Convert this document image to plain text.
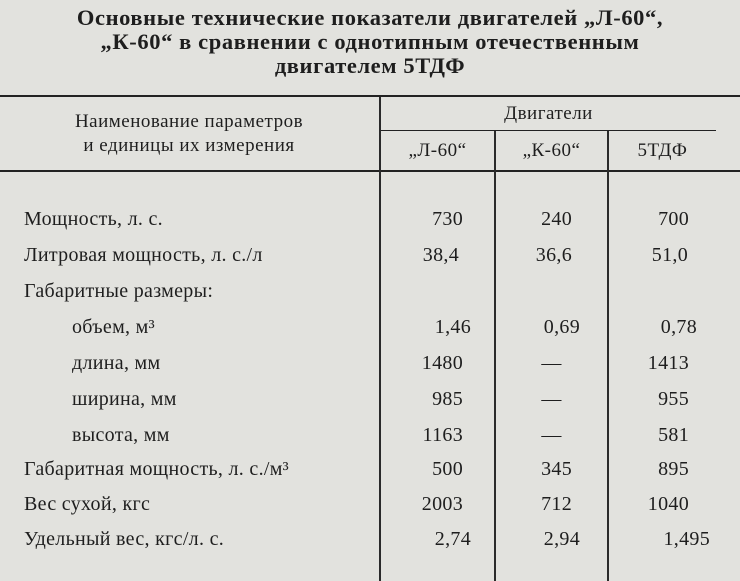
Основные технические показатели двигателей „Л-60“,
„К-60“ в сравнении с однотипным отечественным
двигателем 5ТДФ
Наименование параметров
и единицы их измерения
Двигатели
„Л-60“	„К-60“	5ТДФ
Мощность, л. с.	730	240	700
Литровая мощность, л. с./л	38,4	36,6	51,0
Габаритные размеры:
объем, м³	1,46	0,69	0,78
длина, мм	1480	—	1413
ширина, мм	985	—	955
высота, мм	1163	—	581
Габаритная мощность, л. с./м³	500	345	895
Вес сухой, кгс	2003	712	1040
Удельный вес, кгс/л. с.	2,74	2,94	1,495
